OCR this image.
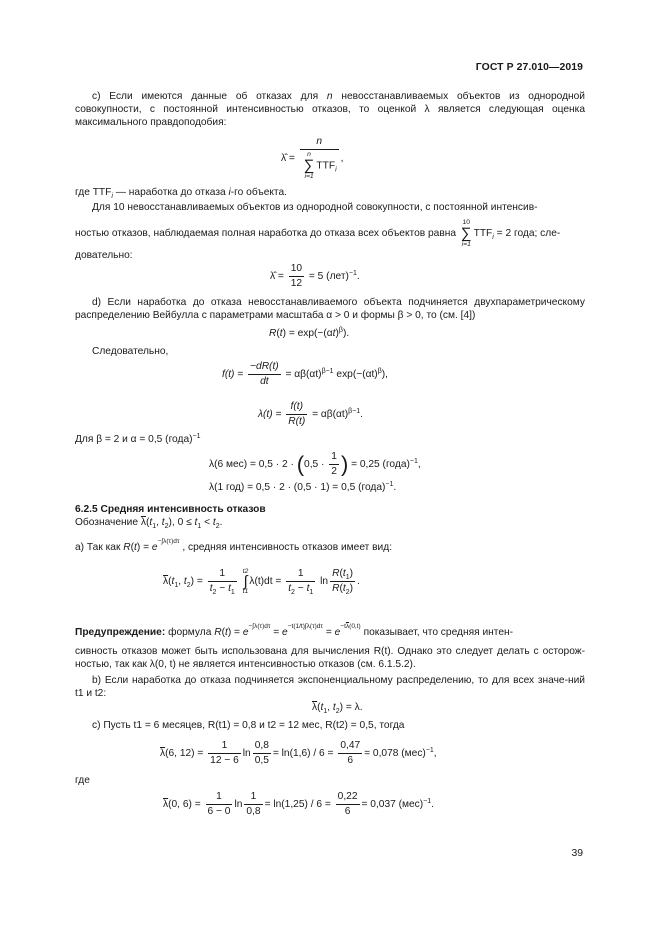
ГОСТ Р 27.010—2019
с) Если имеются данные об отказах для n невосстанавливаемых объектов из однородной совокупности, с постоянной интенсивностью отказов, то оценкой λ является следующая оценка максимального правдоподобия:
λ̂ = n
n
∑
i=1
$TTF_i$ ,
где $TTF_i$ — наработка до отказа i-го объекта.
Для 10 невосстанавливаемых объектов из однородной совокупности, с постоянной интенсив-
ностью отказов, наблюдаемая полная наработка до отказа всех объектов равна
10
∑
i=1
$TTF_i = 2$ года; сле-
довательно:
λ̂ = $\frac{10}{12} = 5$ (лет)$^{-1}$.
d) Если наработка до отказа невосстанавливаемого объекта подчиняется двухпараметрическому распределению Вейбулла с параметрами масштаба α > 0 и формы β > 0, то (см. [4])
$R(t) = \exp(-(\alpha t)^\beta)$.
Следовательно,
$f(t) = \frac{-dR(t)}{dt} = \alpha\beta(\alpha t)^{\beta-1}$ $\exp(-(\alpha t)^\beta)$,
$\lambda(t) = \frac{f(t)}{R(t)} = \alpha\beta(\alpha t)^{\beta-1}$.
Для β = 2 и α = 0,5 (года)$^{-1}$
λ(6 $мес) = 0,5 \cdot 2 \cdot (0,5 \cdot \frac{1}{2}$ ) = 0,25 (года)$^{-1}$,
λ(1 год) = 0,5 · 2 · (0,5 · 1) = 0,5 (года)$^{-1}$.
6.2.5 Средняя интенсивность отказов
Обозначение $\overline{\lambda}(t_1$, $t_2$), $0 \le t_1 < t_2$.
а) Так как $R(t) = e^{-\int\lambda(\tau)d\tau}$ , средняя интенсивность отказов имеет вид:
$\overline{\lambda}(t_1$, $t_2) = \frac{1}{t_2 - t_1}$
t2
∫
t1
$\lambda(t)dt = \frac{1}{t_2 - t_1}$ $\ln \frac{R(t_1)}{R(t_2)}$ .
Предупреждение: формула $R(t) = e^{-\int\lambda(\tau)d\tau} = e^{-t(1/t)\int\lambda(\tau)d\tau} = e^{-t\overline{\lambda}(0,t)}$ показывает, что средняя интен-
сивность отказов может быть использована для вычисления R(t). Однако это следует делать с осторож-ностью, так как λ(0, t) не является интенсивностью отказов (см. 6.1.5.2).
b) Если наработка до отказа подчиняется экспоненциальному распределению, то для всех значе-ний t1 и t2:
$\overline{\lambda}(t_1$, $t_2) = \lambda$.
с) Пусть t1 = 6 месяцев, R(t1) = 0,8 и t2 = 12 мес, R(t2) = 0,5, тогда
$\overline{\lambda}(6$, $12) = \frac{1}{12 - 6}$ $\ln \frac{0,8}{0,5} = \ln(1,6) / 6 = \frac{0,47}{6} = 0,078$ (мес)$^{-1}$,
где
$\overline{\lambda}(0$, $6) = \frac{1}{6 - 0}$ $\ln \frac{1}{0,8} = \ln(1,25) / 6 = \frac{0,22}{6} = 0,037$ (мес)$^{-1}$.
39
